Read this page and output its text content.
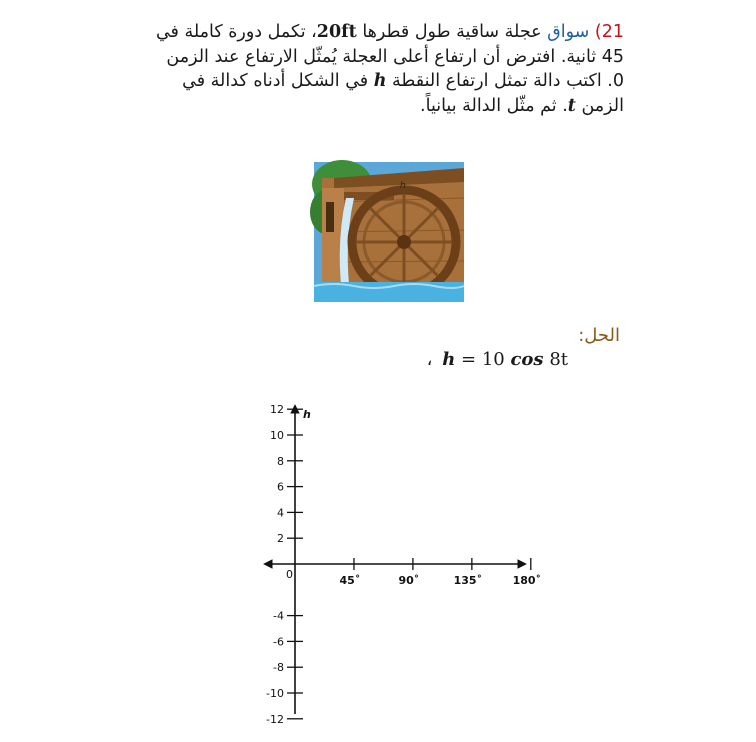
21) سواق عجلة ساقية طول قطرها 20ft، تكمل دورة كاملة في 45 ثانية. افترض أن ارتفاع أعلى العجلة يُمثّل الارتفاع عند الزمن 0. اكتب دالة تمثل ارتفاع النقطة h في الشكل أدناه كدالة في الزمن t. ثم مثّل الدالة بيانياً.
h
الحل:
، h = 10 cos 8t
h
0
12
10
8
6
4
2
-4
-6
-8
-10
-12
45˚	90˚	135˚	180˚
